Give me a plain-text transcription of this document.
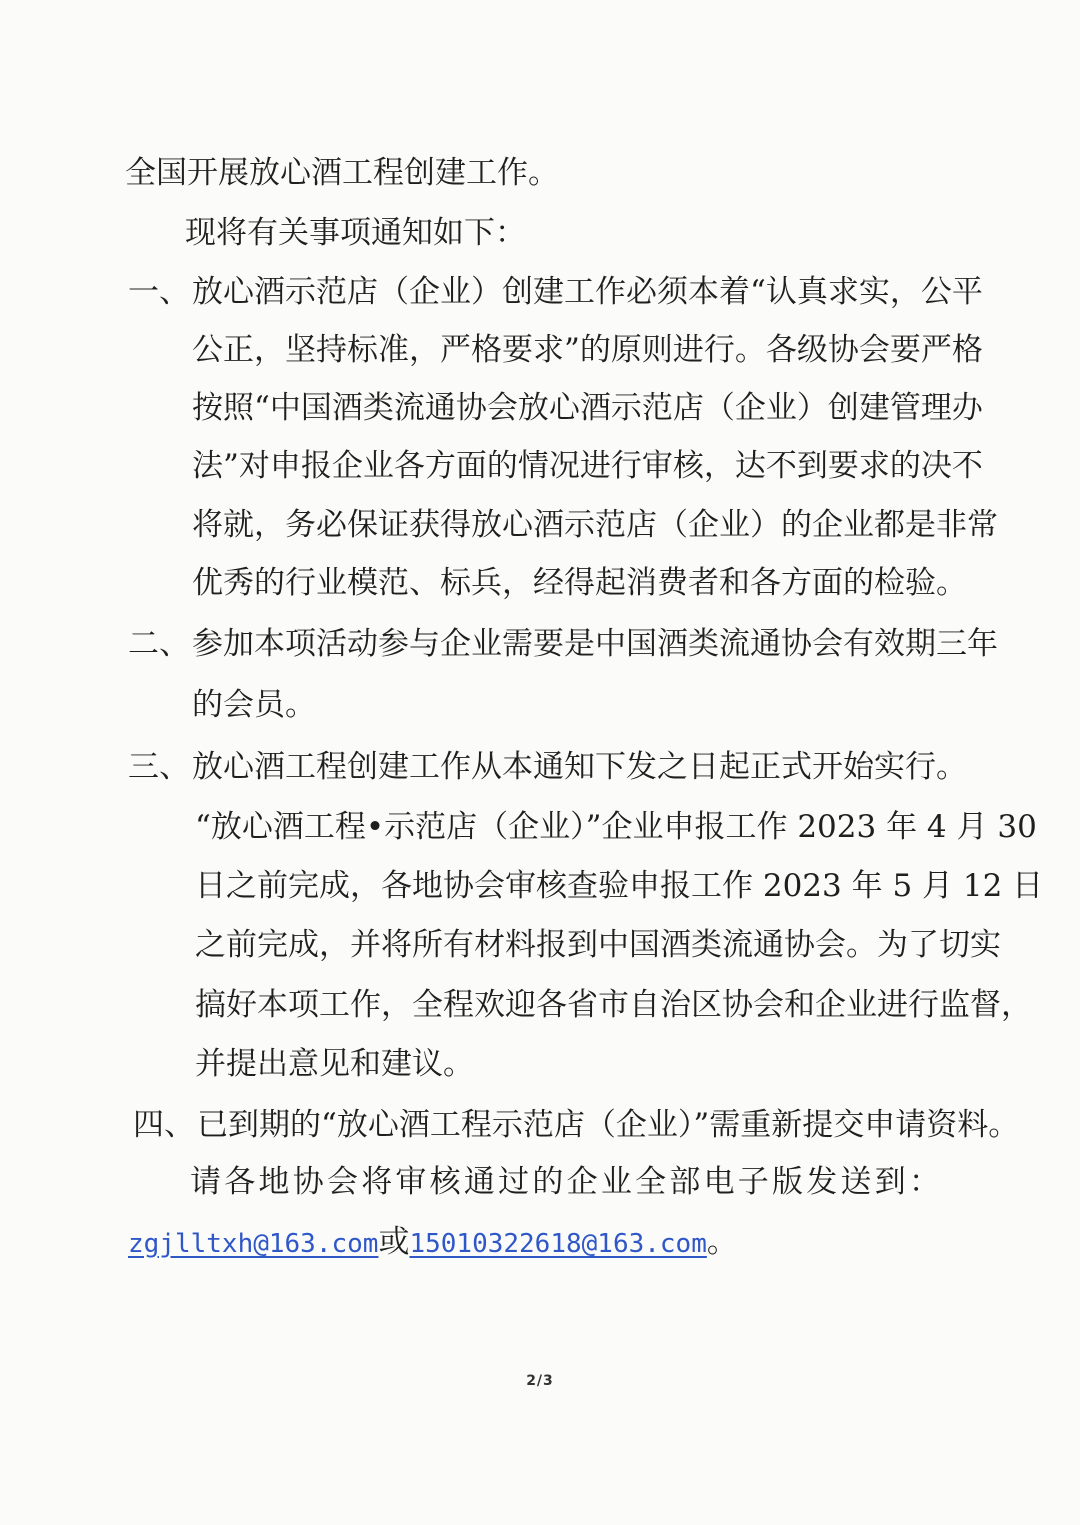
全国开展放心酒工程创建工作。
现将有关事项通知如下：
一、 放心酒示范店（企业）创建工作必须本着“认真求实，公平
公正，坚持标准，严格要求”的原则进行。各级协会要严格
按照“中国酒类流通协会放心酒示范店（企业）创建管理办
法”对申报企业各方面的情况进行审核，达不到要求的决不
将就，务必保证获得放心酒示范店（企业）的企业都是非常
优秀的行业模范、标兵，经得起消费者和各方面的检验。
二、 参加本项活动参与企业需要是中国酒类流通协会有效期三年
的会员。
三、 放心酒工程创建工作从本通知下发之日起正式开始实行。
“放心酒工程•示范店（企业）”企业申报工作 2023 年 4 月 30
日之前完成，各地协会审核查验申报工作 2023 年 5 月 12 日
之前完成，并将所有材料报到中国酒类流通协会。为了切实
搞好本项工作，全程欢迎各省市自治区协会和企业进行监督，
并提出意见和建议。
四、 已到期的“放心酒工程示范店（企业）”需重新提交申请资料。
请各地协会将审核通过的企业全部电子版发送到：
zgjlltxh@163.com或15010322618@163.com。
2/3
